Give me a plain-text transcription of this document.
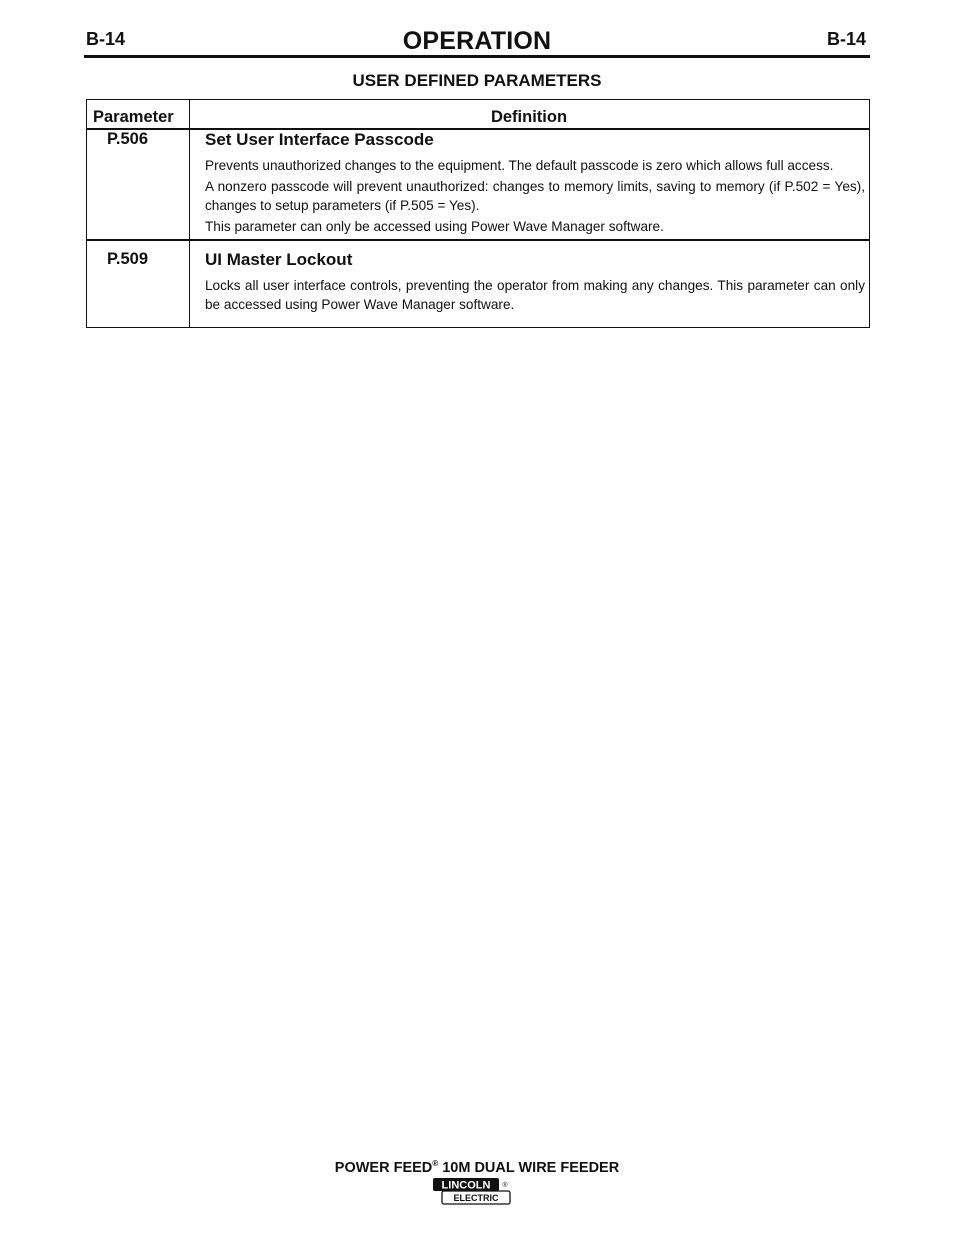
B-14	OPERATION	B-14
USER DEFINED PARAMETERS
Parameter	Definition
P.506	Set User Interface Passcode

Prevents unauthorized changes to the equipment. The default passcode is zero which allows full access.

A nonzero passcode will prevent unauthorized: changes to memory limits, saving to memory (if P.502 = Yes), changes to setup parameters (if P.505 = Yes).

This parameter can only be accessed using Power Wave Manager software.

P.509	UI Master Lockout

Locks all user interface controls, preventing the operator from making any changes. This parameter can only be accessed using Power Wave Manager software.

POWER FEED® 10M DUAL WIRE FEEDER
LINCOLN
ELECTRIC
®
